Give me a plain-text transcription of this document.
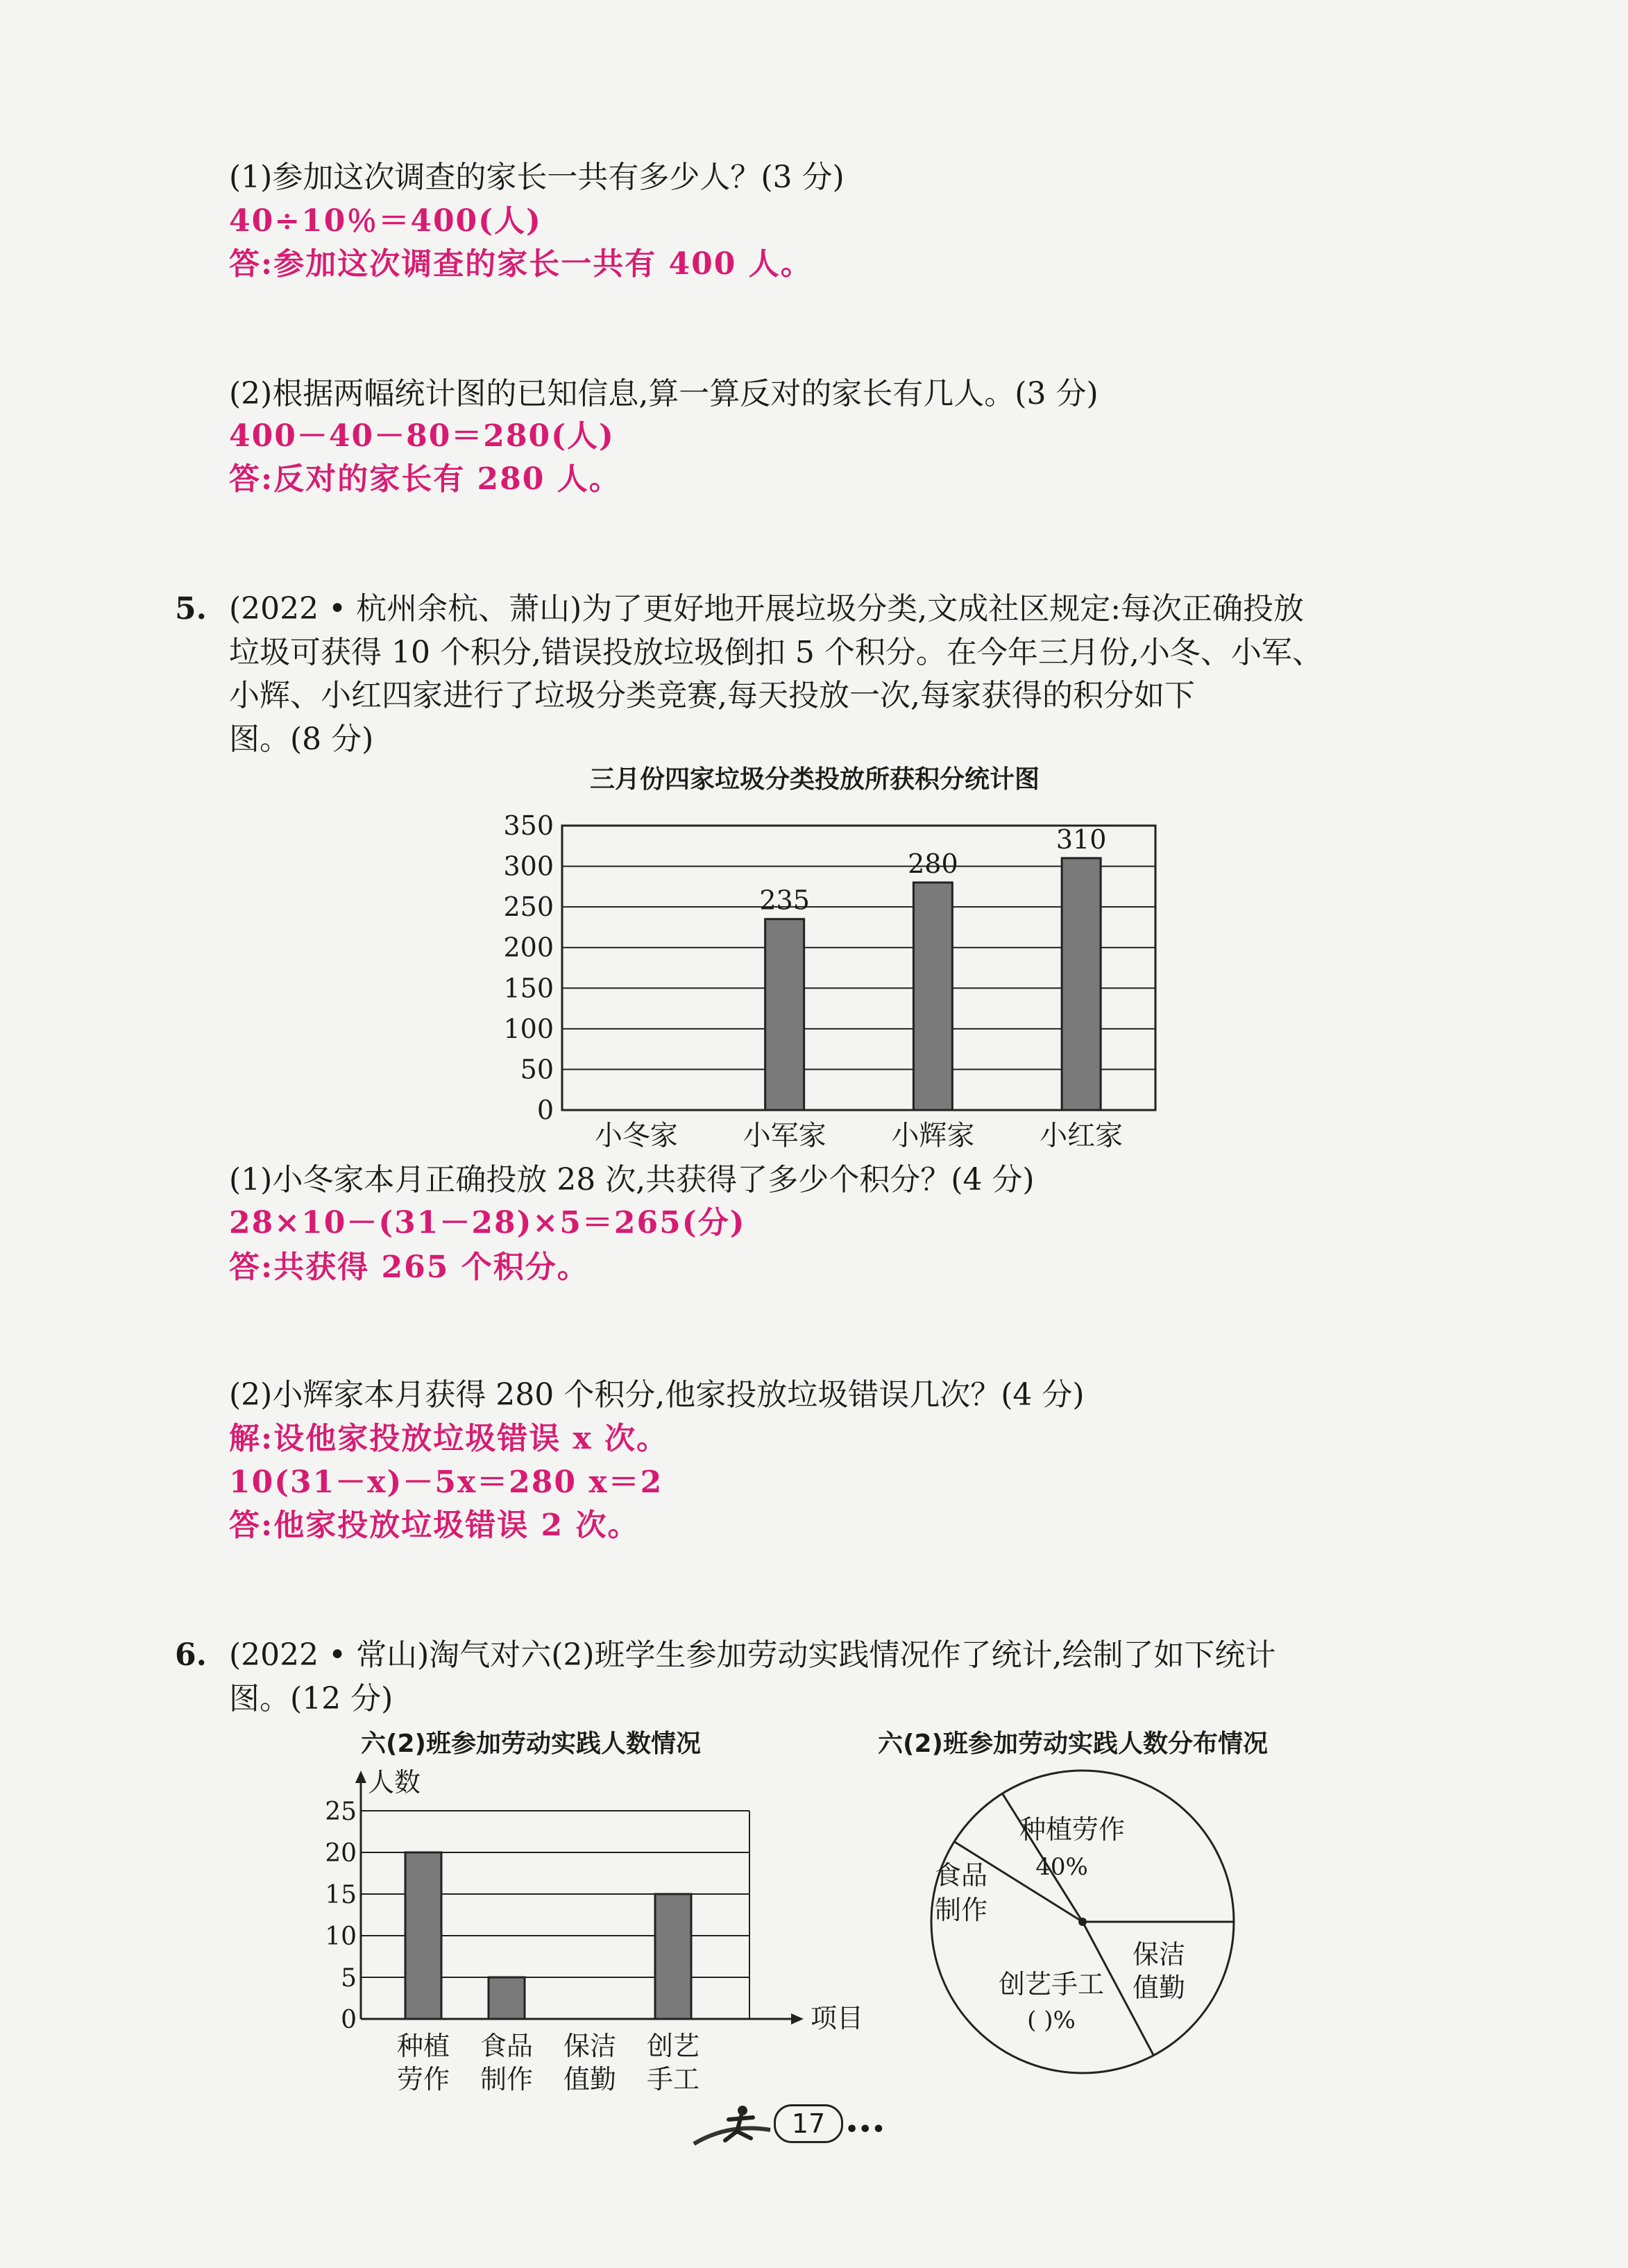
(1)参加这次调查的家长一共有多少人？(3 分)
40÷10％＝400(人)
答:参加这次调查的家长一共有 400 人。
(2)根据两幅统计图的已知信息,算一算反对的家长有几人。(3 分)
400－40－80＝280(人)
答:反对的家长有 280 人。
5. (2022 • 杭州余杭、萧山)为了更好地开展垃圾分类,文成社区规定:每次正确投放
垃圾可获得 10 个积分,错误投放垃圾倒扣 5 个积分。在今年三月份,小冬、小军、
小辉、小红四家进行了垃圾分类竞赛,每天投放一次,每家获得的积分如下
图。(8 分)
三月份四家垃圾分类投放所获积分统计图
0
50
100
150
200
250
300
350
小冬家
235
小军家
280
小辉家
310
小红家
(1)小冬家本月正确投放 28 次,共获得了多少个积分？(4 分)
28×10－(31－28)×5＝265(分)
答:共获得 265 个积分。
(2)小辉家本月获得 280 个积分,他家投放垃圾错误几次？(4 分)
解:设他家投放垃圾错误 x 次。
10(31－x)－5x＝280 x＝2
答:他家投放垃圾错误 2 次。
6. (2022 • 常山)淘气对六(2)班学生参加劳动实践情况作了统计,绘制了如下统计
图。(12 分)
六(2)班参加劳动实践人数情况	六(2)班参加劳动实践人数分布情况
0
5
10
15
20
25
人数
项目
种植
劳作
食品
制作
保洁
值勤
创艺
手工
种植劳作
40%
食品
制作
保洁
值勤
创艺手工
( )%
17 •••
